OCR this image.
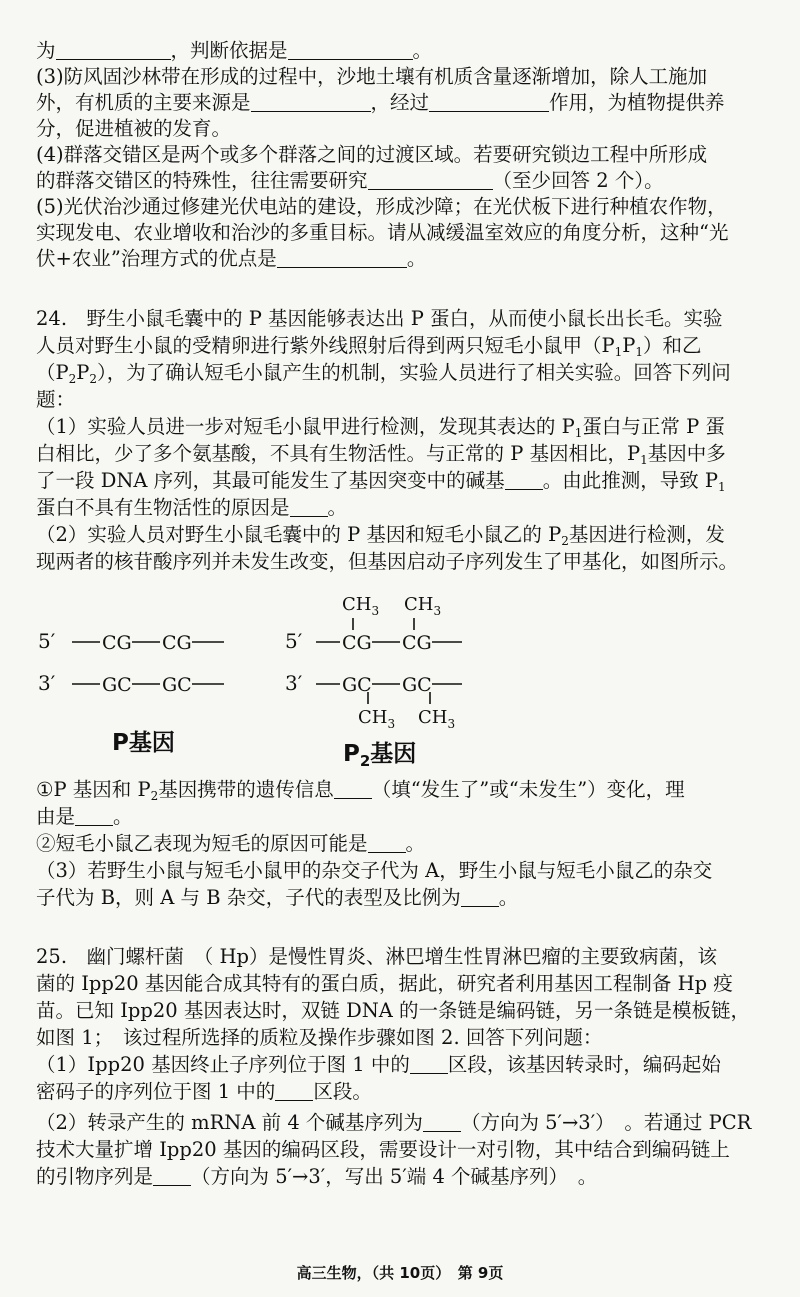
为	，判断依据是	。
(3)防风固沙林带在形成的过程中，沙地土壤有机质含量逐渐增加，除人工施加
外，有机质的主要来源是	，经过	作用，为植物提供养
分，促进植被的发育。
(4)群落交错区是两个或多个群落之间的过渡区域。若要研究锁边工程中所形成
的群落交错区的特殊性，往往需要研究	（至少回答 2 个）。
(5)光伏治沙通过修建光伏电站的建设，形成沙障；在光伏板下进行种植农作物，
实现发电、农业增收和治沙的多重目标。请从减缓温室效应的角度分析，这种“光
伏+农业”治理方式的优点是	。
24.　野生小鼠毛囊中的 P 基因能够表达出 P 蛋白，从而使小鼠长出长毛。实验
人员对野生小鼠的受精卵进行紫外线照射后得到两只短毛小鼠甲$(P_1P_1)$和乙
$(P_2P_2)$，为了确认短毛小鼠产生的机制，实验人员进行了相关实验。回答下列问
题：
（1）实验人员进一步对短毛小鼠甲进行检测，发现其表达的 $P_1$蛋白与正常 P 蛋
白相比，少了多个氨基酸，不具有生物活性。与正常的 P 基因相比，$P_1$基因中多
了一段 DNA 序列，其最可能发生了基因突变中的碱基 。由此推测，导致 $P_1$
蛋白不具有生物活性的原因是 。
（2）实验人员对野生小鼠毛囊中的 P 基因和短毛小鼠乙的 $P_2$基因进行检测，发
现两者的核苷酸序列并未发生改变，但基因启动子序列发生了甲基化，如图所示。
5′
3′
CG CG
GC GC
P基因
$CH_3$ $CH_3$
5′
3′
CG CG
GC GC
$CH_3$ $CH_3$
$P_2$基因
①P 基因和 $P_2$基因携带的遗传信息 （填“发生了”或“未发生”）变化，理
由是 。
②短毛小鼠乙表现为短毛的原因可能是 。
（3）若野生小鼠与短毛小鼠甲的杂交子代为 A，野生小鼠与短毛小鼠乙的杂交
子代为 B，则 A 与 B 杂交，子代的表型及比例为 。
25.　幽门螺杆菌　（ Hp）是慢性胃炎、淋巴增生性胃淋巴瘤的主要致病菌，该
菌的 Ipp20 基因能合成其特有的蛋白质，据此，研究者利用基因工程制备 Hp 疫
苗。已知 Ipp20 基因表达时，双链 DNA 的一条链是编码链，另一条链是模板链，
如图 1；　该过程所选择的质粒及操作步骤如图 2. 回答下列问题：
（1）Ipp20 基因终止子序列位于图 1 中的 区段，该基因转录时，编码起始
密码子的序列位于图 1 中的 区段。
（2）转录产生的 mRNA 前 4 个碱基序列为 （方向为 5′→3′）　。若通过 PCR
技术大量扩增 Ipp20 基因的编码区段，需要设计一对引物，其中结合到编码链上
的引物序列是 （方向为 5′→3′，写出 5′端 4 个碱基序列）　。
高三生物，（共 10页）　第 9页
